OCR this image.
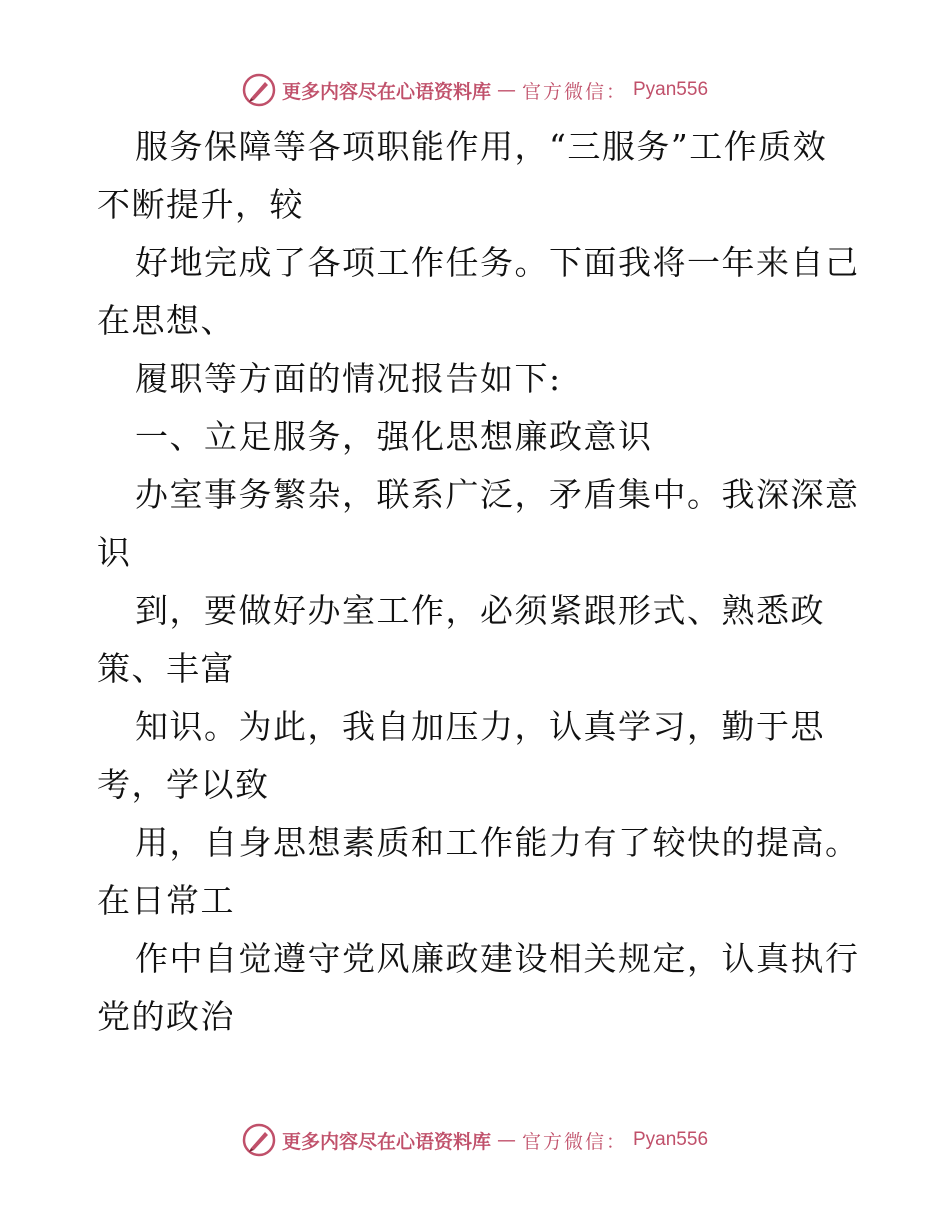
更多内容尽在心语资料库 — 官方微信： Pyan556
服务保障等各项职能作用，“三服务”工作质效
不断提升，较
好地完成了各项工作任务。下面我将一年来自己
在思想、
履职等方面的情况报告如下:
一、立足服务，强化思想廉政意识
办室事务繁杂，联系广泛，矛盾集中。我深深意
识
到，要做好办室工作，必须紧跟形式、熟悉政
策、丰富
知识。为此，我自加压力，认真学习，勤于思
考，学以致
用，自身思想素质和工作能力有了较快的提高。
在日常工
作中自觉遵守党风廉政建设相关规定，认真执行
党的政治
更多内容尽在心语资料库 — 官方微信： Pyan556
